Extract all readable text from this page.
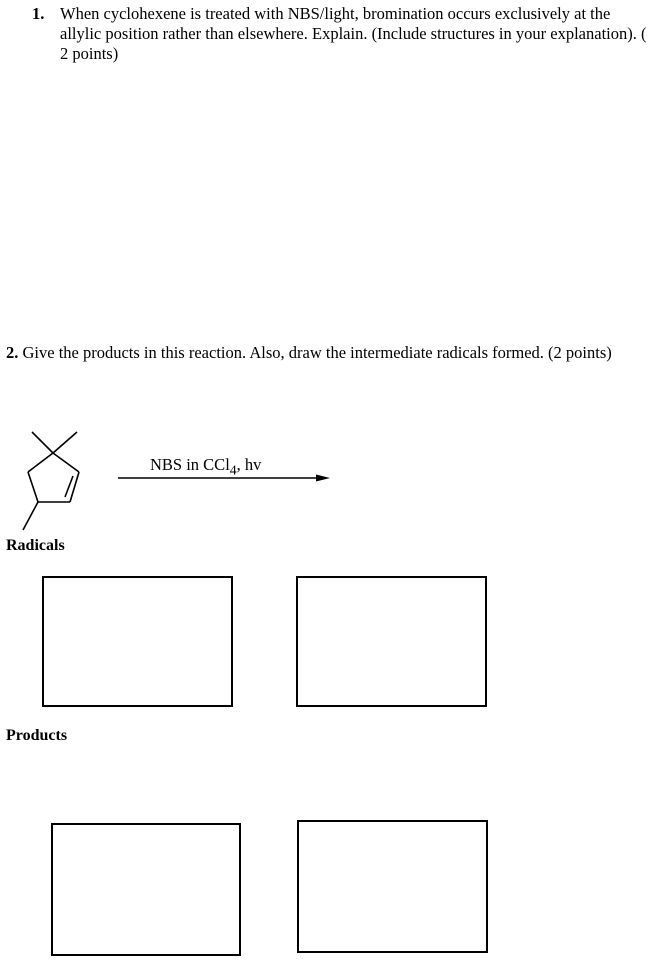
1. When cyclohexene is treated with NBS/light, bromination occurs exclusively at the allylic position rather than elsewhere. Explain. (Include structures in your explanation). ( 2 points)
2. Give the products in this reaction. Also, draw the intermediate radicals formed. (2 points)
NBS in CCl$_4$, hv
Radicals
Products
